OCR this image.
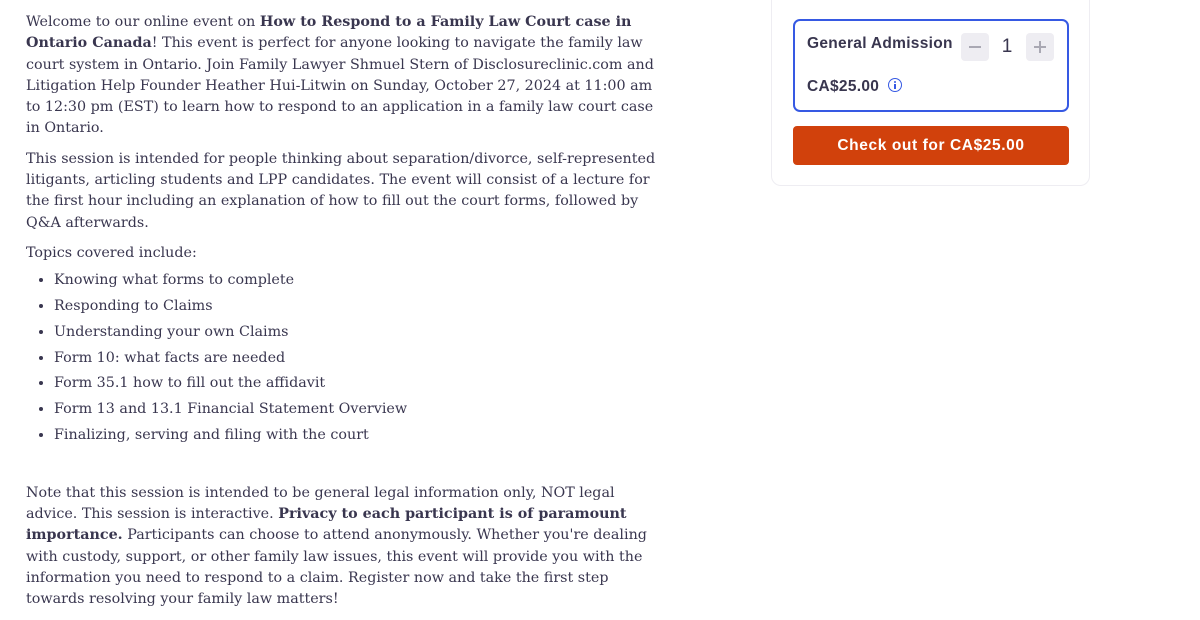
Welcome to our online event on How to Respond to a Family Law Court case in Ontario Canada! This event is perfect for anyone looking to navigate the family law court system in Ontario. Join Family Lawyer Shmuel Stern of Disclosureclinic.com and Litigation Help Founder Heather Hui-Litwin on Sunday, October 27, 2024 at 11:00 am to 12:30 pm (EST) to learn how to respond to an application in a family law court case in Ontario.

This session is intended for people thinking about separation/divorce, self-represented litigants, articling students and LPP candidates. The event will consist of a lecture for the first hour including an explanation of how to fill out the court forms, followed by Q&A afterwards.

Topics covered include:

• Knowing what forms to complete
• Responding to Claims
• Understanding your own Claims
• Form 10: what facts are needed
• Form 35.1 how to fill out the affidavit
• Form 13 and 13.1 Financial Statement Overview
• Finalizing, serving and filing with the court

Note that this session is intended to be general legal information only, NOT legal advice. This session is interactive. Privacy to each participant is of paramount importance. Participants can choose to attend anonymously. Whether you're dealing with custody, support, or other family law issues, this event will provide you with the information you need to respond to a claim. Register now and take the first step towards resolving your family law matters!

General Admission	1
CA$25.00
Check out for CA$25.00
